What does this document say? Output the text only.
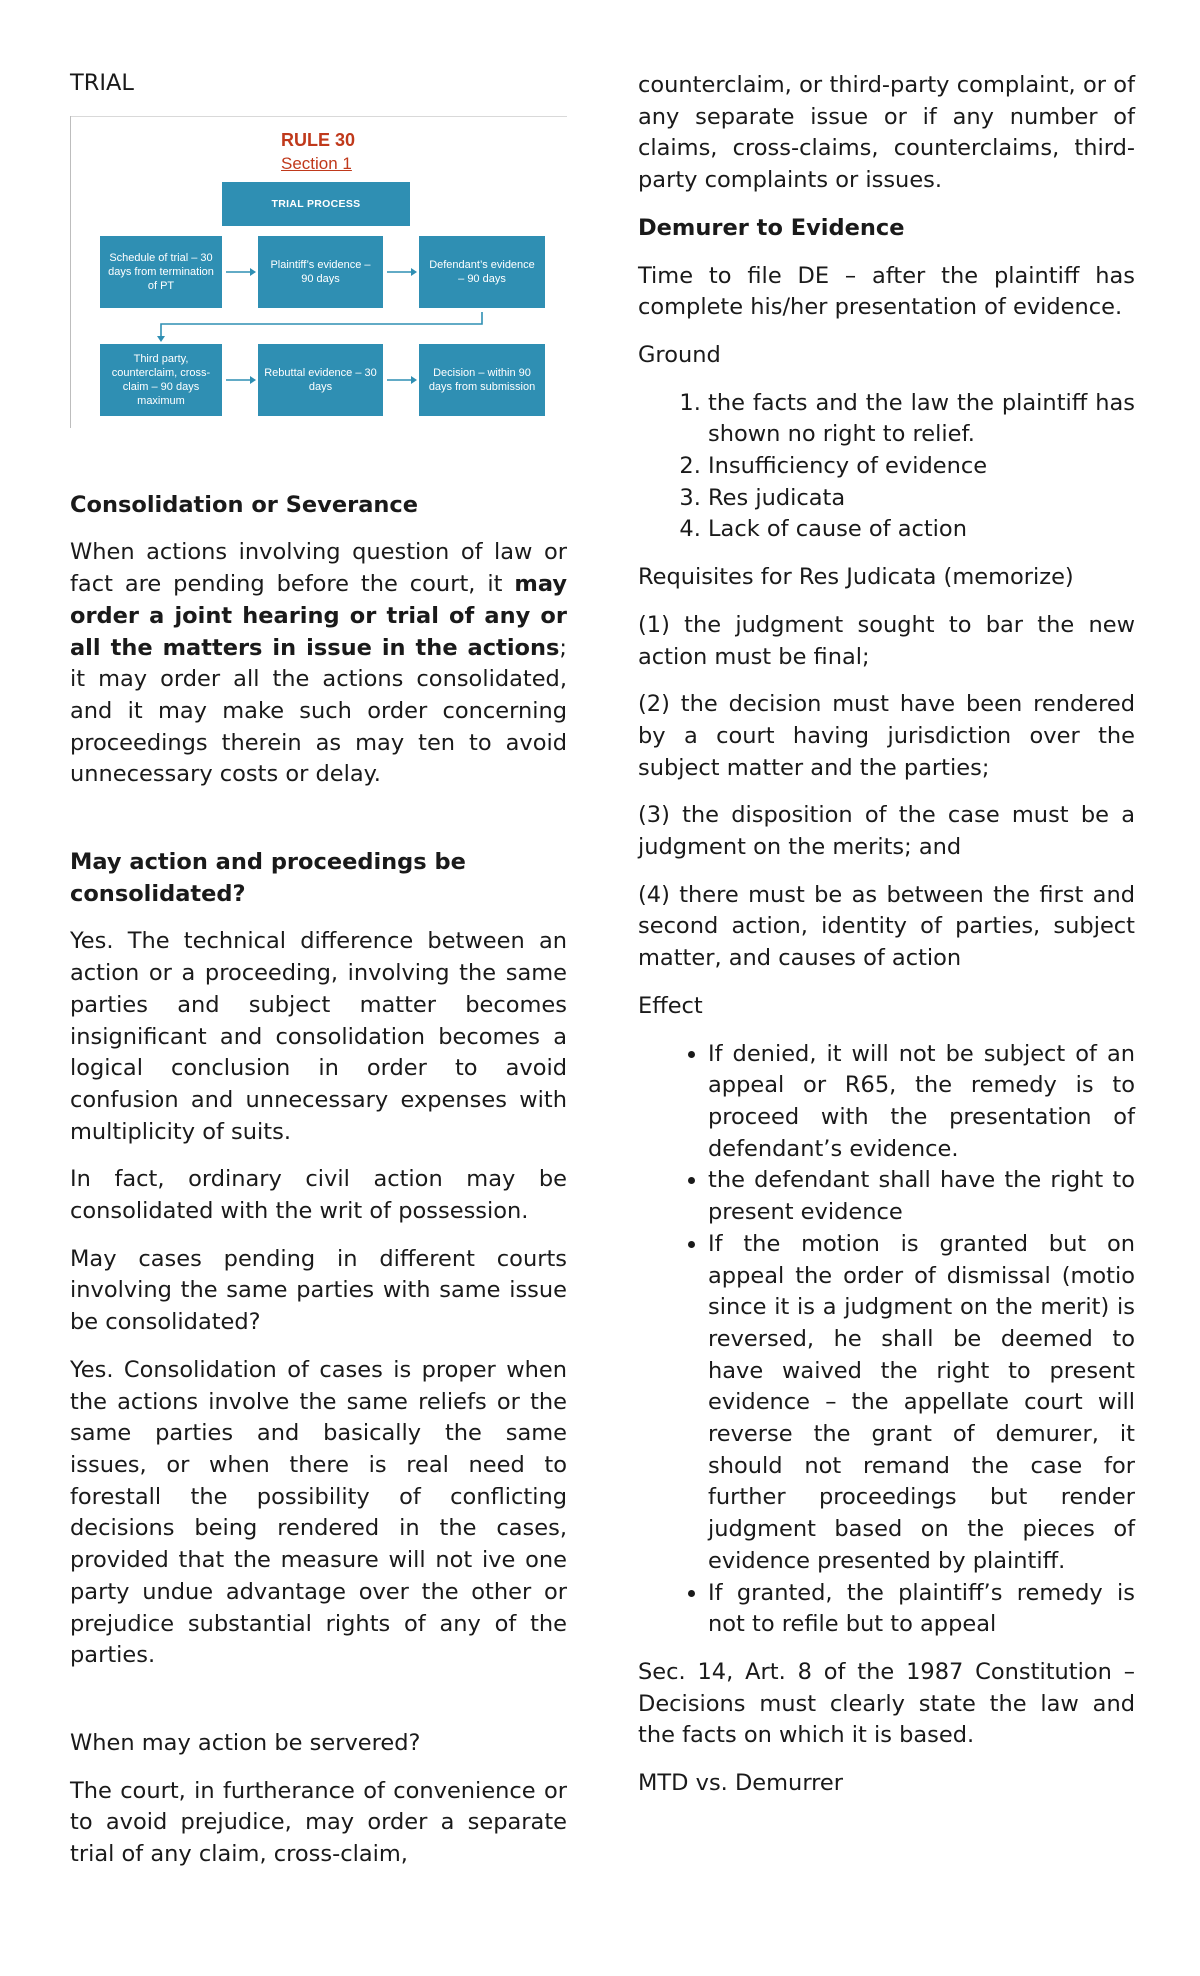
TRIAL

RULE 30
Section 1
TRIAL PROCESS
Schedule of trial – 30 days from termination of PT
Plaintiff’s evidence – 90 days
Defendant’s evidence – 90 days
Third party, counterclaim, cross-claim – 90 days maximum
Rebuttal evidence – 30 days
Decision – within 90 days from submission

Consolidation or Severance

When actions involving question of law or fact are pending before the court, it may order a joint hearing or trial of any or all the matters in issue in the actions; it may order all the actions consolidated, and it may make such order concerning proceedings therein as may ten to avoid unnecessary costs or delay.

May action and proceedings be consolidated?

Yes. The technical difference between an action or a proceeding, involving the same parties and subject matter becomes insignificant and consolidation becomes a logical conclusion in order to avoid confusion and unnecessary expenses with multiplicity of suits.

In fact, ordinary civil action may be consolidated with the writ of possession.

May cases pending in different courts involving the same parties with same issue be consolidated?

Yes. Consolidation of cases is proper when the actions involve the same reliefs or the same parties and basically the same issues, or when there is real need to forestall the possibility of conflicting decisions being rendered in the cases, provided that the measure will not ive one party undue advantage over the other or prejudice substantial rights of any of the parties.

When may action be servered?

The court, in furtherance of convenience or to avoid prejudice, may order a separate trial of any claim, cross-claim,

counterclaim, or third-party complaint, or of any separate issue or if any number of claims, cross-claims, counterclaims, third-party complaints or issues.

Demurer to Evidence

Time to file DE – after the plaintiff has complete his/her presentation of evidence.

Ground

1. the facts and the law the plaintiff has shown no right to relief.
2. Insufficiency of evidence
3. Res judicata
4. Lack of cause of action

Requisites for Res Judicata (memorize)

(1) the judgment sought to bar the new action must be final;

(2) the decision must have been rendered by a court having jurisdiction over the subject matter and the parties;

(3) the disposition of the case must be a judgment on the merits; and

(4) there must be as between the first and second action, identity of parties, subject matter, and causes of action

Effect

• If denied, it will not be subject of an appeal or R65, the remedy is to proceed with the presentation of defendant’s evidence.
• the defendant shall have the right to present evidence
• If the motion is granted but on appeal the order of dismissal (motio since it is a judgment on the merit) is reversed, he shall be deemed to have waived the right to present evidence – the appellate court will reverse the grant of demurer, it should not remand the case for further proceedings but render judgment based on the pieces of evidence presented by plaintiff.
• If granted, the plaintiff’s remedy is not to refile but to appeal

Sec. 14, Art. 8 of the 1987 Constitution – Decisions must clearly state the law and the facts on which it is based.

MTD vs. Demurrer
